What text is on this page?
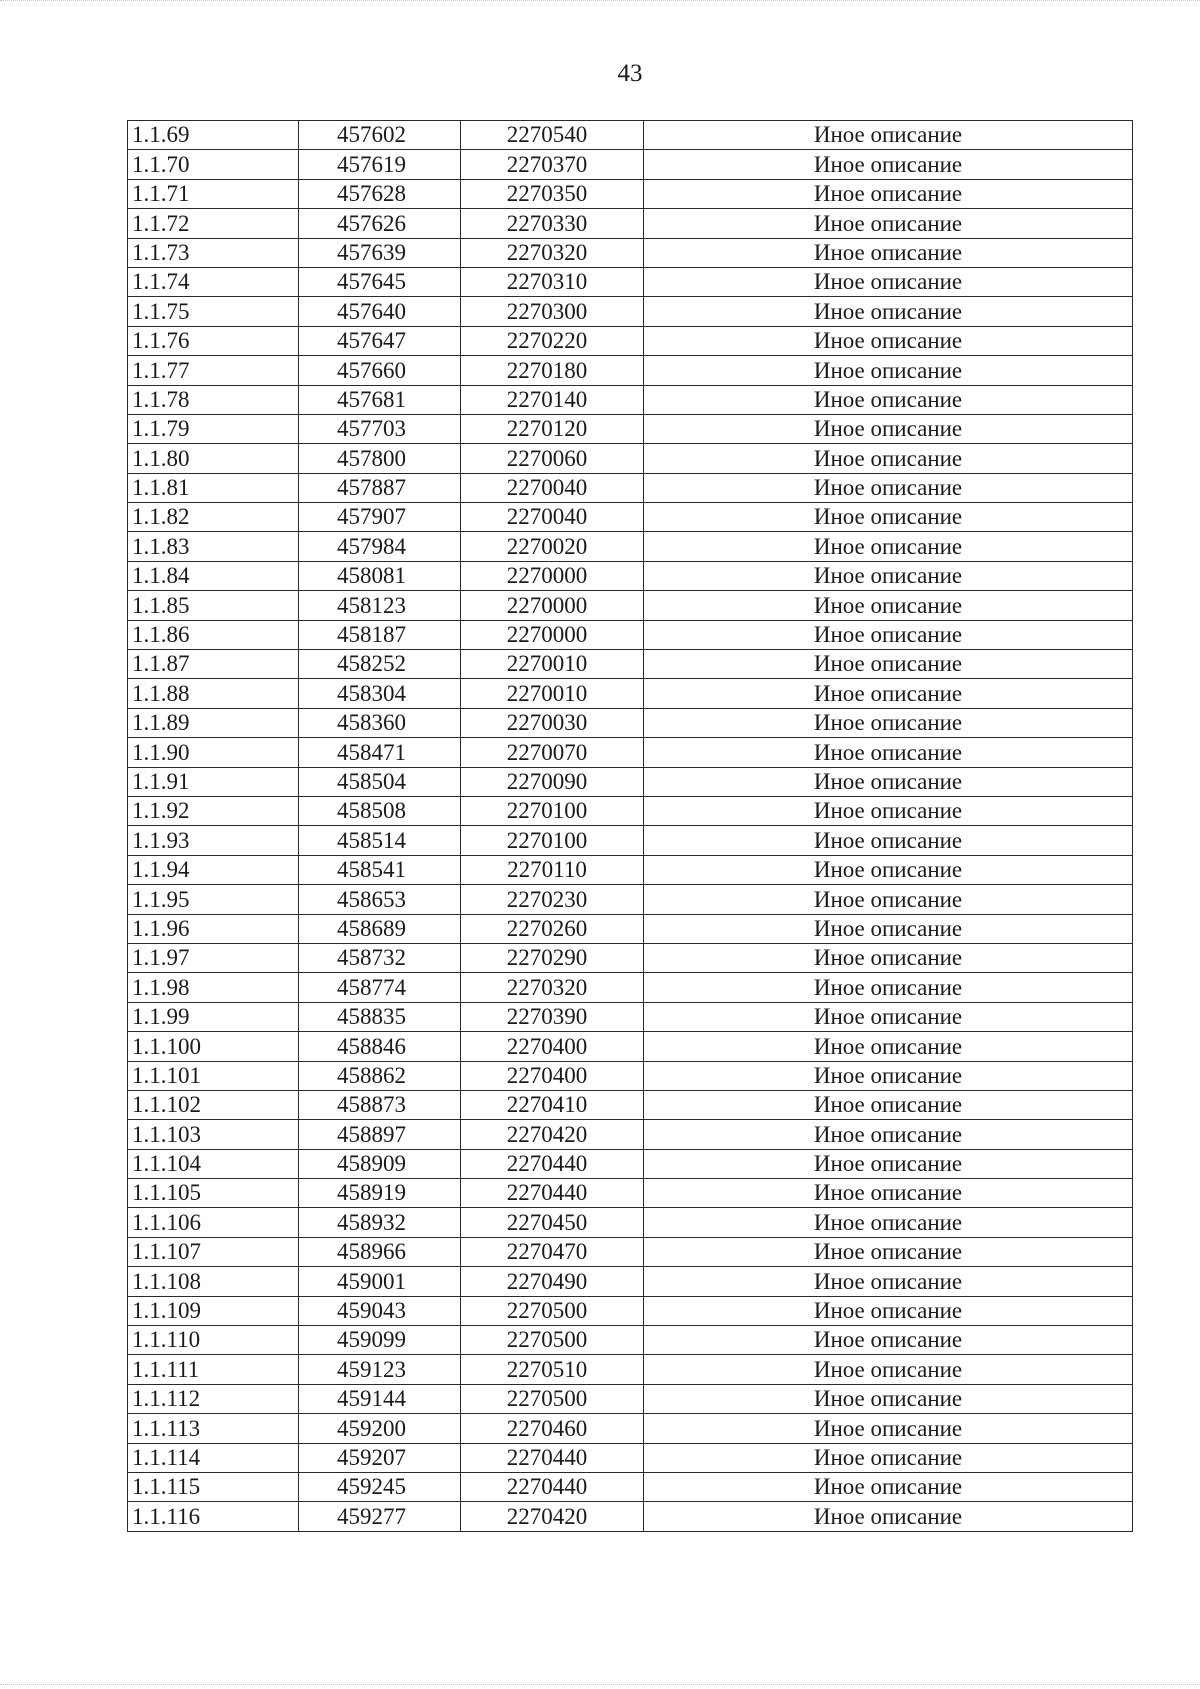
43
1.1.69	457602	2270540	Иное описание
1.1.70	457619	2270370	Иное описание
1.1.71	457628	2270350	Иное описание
1.1.72	457626	2270330	Иное описание
1.1.73	457639	2270320	Иное описание
1.1.74	457645	2270310	Иное описание
1.1.75	457640	2270300	Иное описание
1.1.76	457647	2270220	Иное описание
1.1.77	457660	2270180	Иное описание
1.1.78	457681	2270140	Иное описание
1.1.79	457703	2270120	Иное описание
1.1.80	457800	2270060	Иное описание
1.1.81	457887	2270040	Иное описание
1.1.82	457907	2270040	Иное описание
1.1.83	457984	2270020	Иное описание
1.1.84	458081	2270000	Иное описание
1.1.85	458123	2270000	Иное описание
1.1.86	458187	2270000	Иное описание
1.1.87	458252	2270010	Иное описание
1.1.88	458304	2270010	Иное описание
1.1.89	458360	2270030	Иное описание
1.1.90	458471	2270070	Иное описание
1.1.91	458504	2270090	Иное описание
1.1.92	458508	2270100	Иное описание
1.1.93	458514	2270100	Иное описание
1.1.94	458541	2270110	Иное описание
1.1.95	458653	2270230	Иное описание
1.1.96	458689	2270260	Иное описание
1.1.97	458732	2270290	Иное описание
1.1.98	458774	2270320	Иное описание
1.1.99	458835	2270390	Иное описание
1.1.100	458846	2270400	Иное описание
1.1.101	458862	2270400	Иное описание
1.1.102	458873	2270410	Иное описание
1.1.103	458897	2270420	Иное описание
1.1.104	458909	2270440	Иное описание
1.1.105	458919	2270440	Иное описание
1.1.106	458932	2270450	Иное описание
1.1.107	458966	2270470	Иное описание
1.1.108	459001	2270490	Иное описание
1.1.109	459043	2270500	Иное описание
1.1.110	459099	2270500	Иное описание
1.1.111	459123	2270510	Иное описание
1.1.112	459144	2270500	Иное описание
1.1.113	459200	2270460	Иное описание
1.1.114	459207	2270440	Иное описание
1.1.115	459245	2270440	Иное описание
1.1.116	459277	2270420	Иное описание
